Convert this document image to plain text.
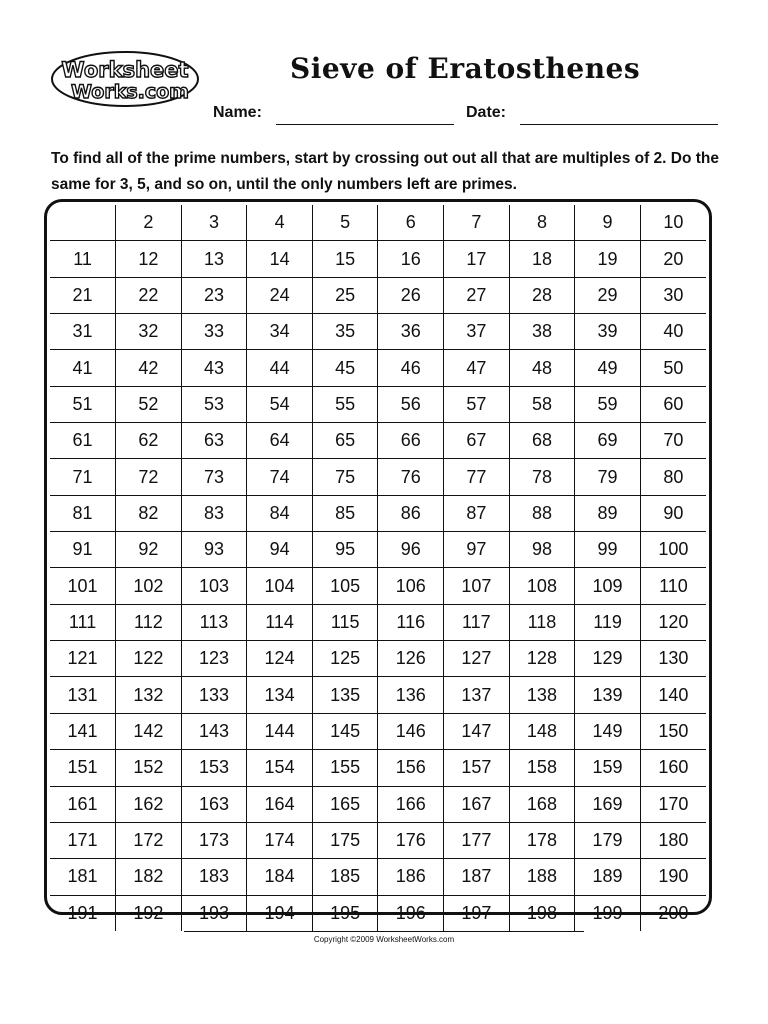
Worksheet
Works.com
Sieve of Eratosthenes
Name:	Date:
To find all of the prime numbers, start by crossing out out all that are multiples of 2. Do the same for 3, 5, and so on, until the only numbers left are primes.
	2	3	4	5	6	7	8	9	10
11	12	13	14	15	16	17	18	19	20
21	22	23	24	25	26	27	28	29	30
31	32	33	34	35	36	37	38	39	40
41	42	43	44	45	46	47	48	49	50
51	52	53	54	55	56	57	58	59	60
61	62	63	64	65	66	67	68	69	70
71	72	73	74	75	76	77	78	79	80
81	82	83	84	85	86	87	88	89	90
91	92	93	94	95	96	97	98	99	100
101	102	103	104	105	106	107	108	109	110
111	112	113	114	115	116	117	118	119	120
121	122	123	124	125	126	127	128	129	130
131	132	133	134	135	136	137	138	139	140
141	142	143	144	145	146	147	148	149	150
151	152	153	154	155	156	157	158	159	160
161	162	163	164	165	166	167	168	169	170
171	172	173	174	175	176	177	178	179	180
181	182	183	184	185	186	187	188	189	190
191	192	193	194	195	196	197	198	199	200
Copyright ©2009 WorksheetWorks.com
